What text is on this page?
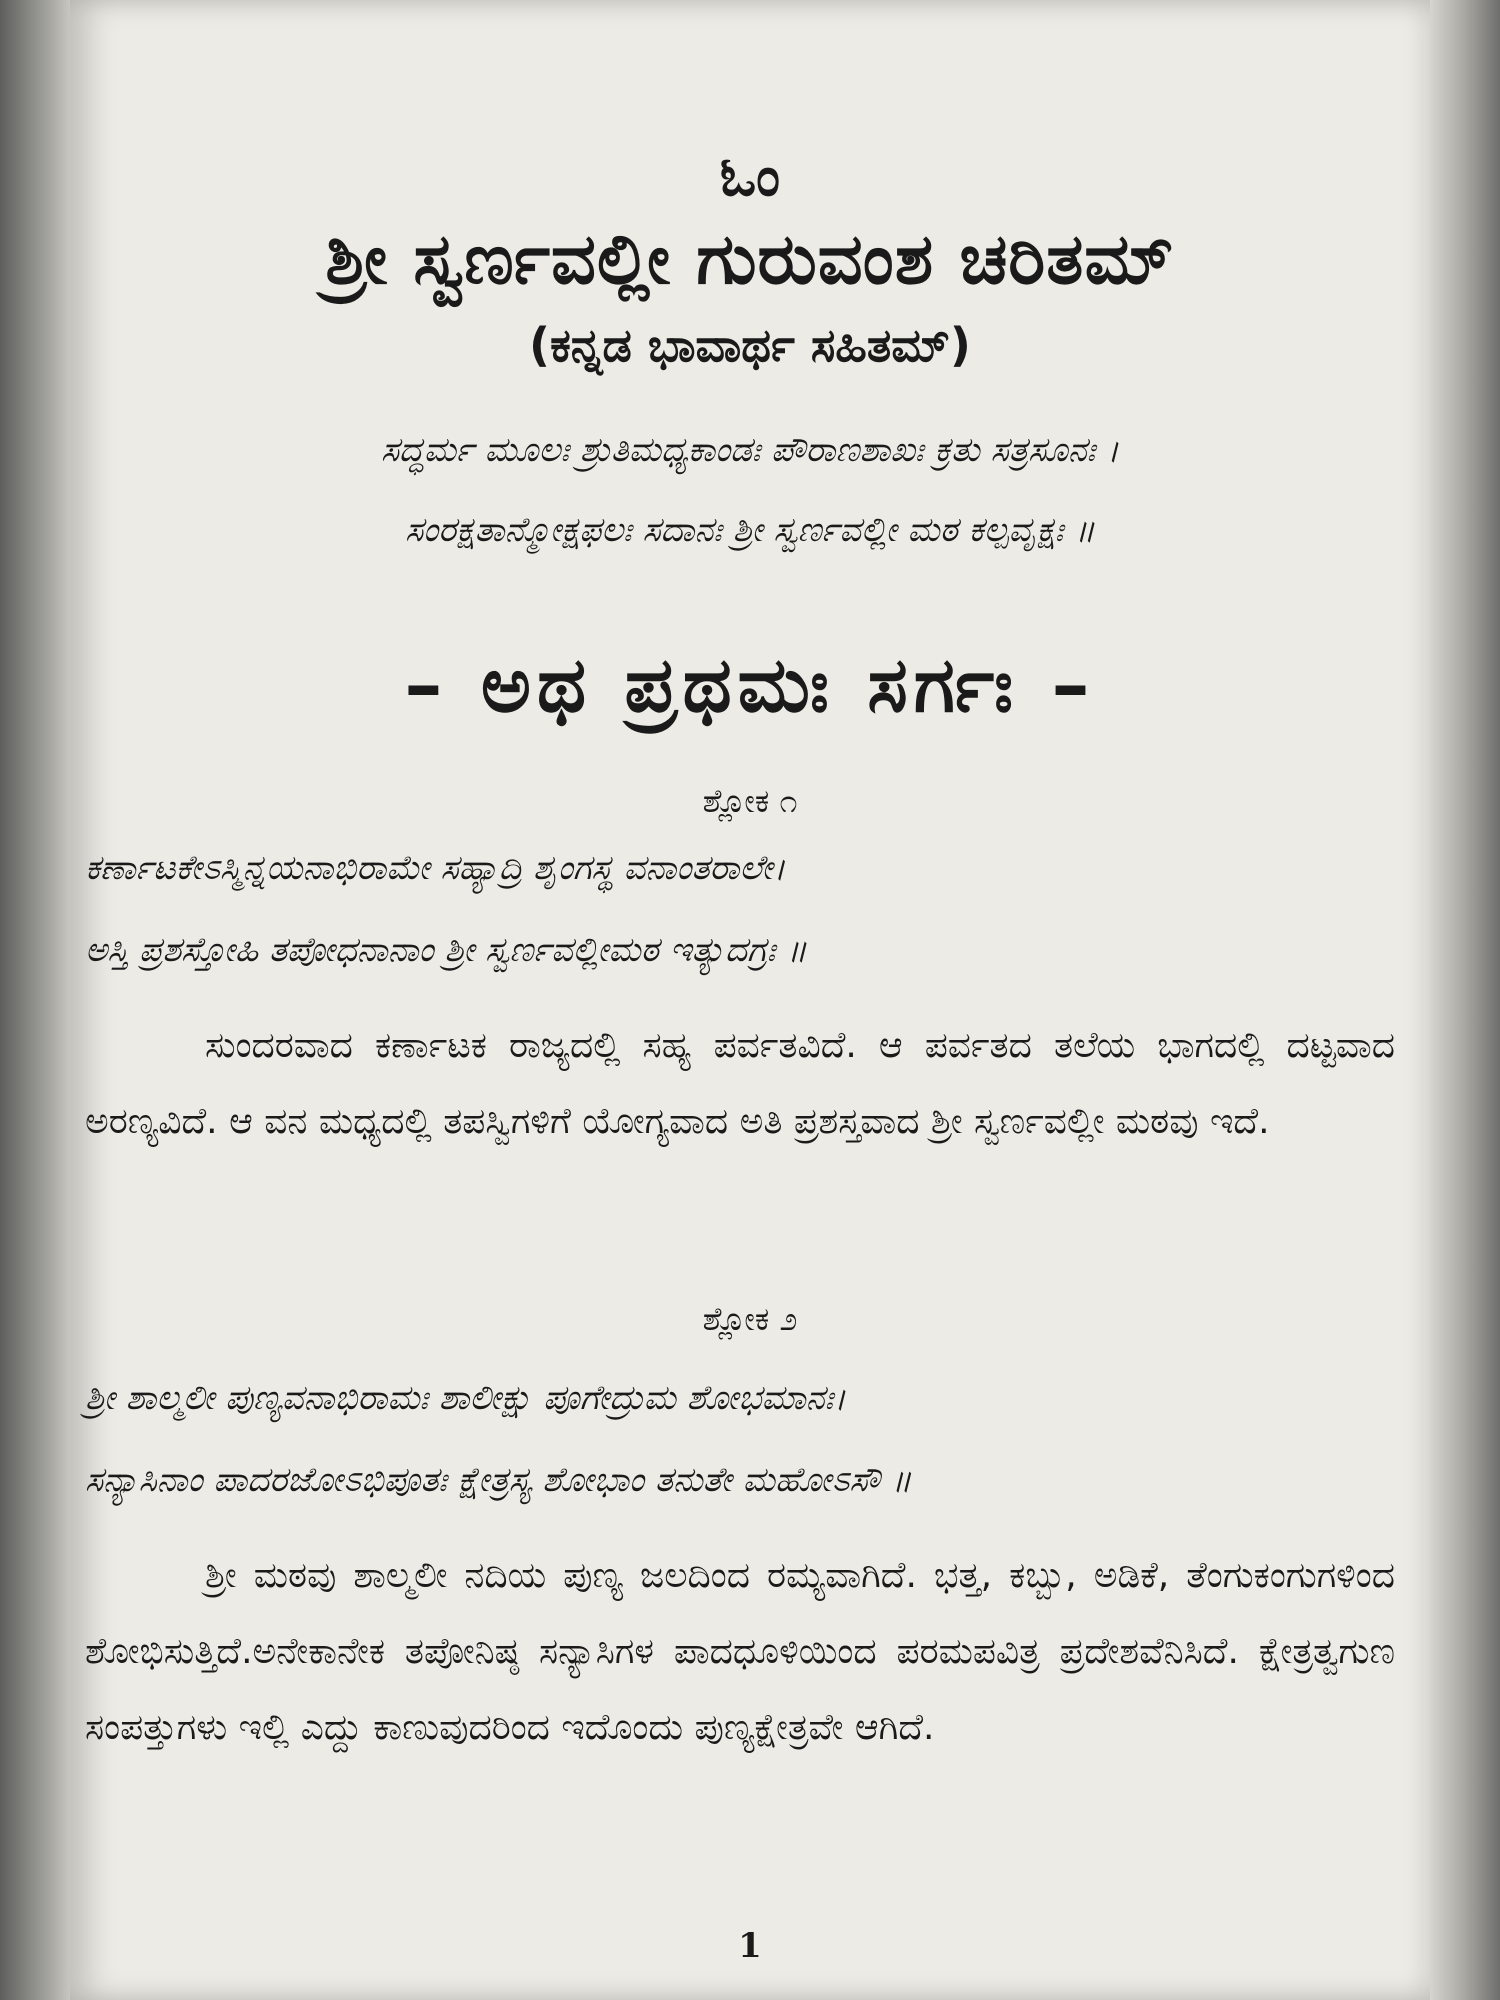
ಓಂ
ಶ್ರೀ ಸ್ವರ್ಣವಲ್ಲೀ ಗುರುವಂಶ ಚರಿತಮ್
(ಕನ್ನಡ ಭಾವಾರ್ಥ ಸಹಿತಮ್)
ಸದ್ಧರ್ಮ ಮೂಲಃ ಶ್ರುತಿಮಧ್ಯಕಾಂಡಃ ಪೌರಾಣಶಾಖಃ ಕ್ರತು ಸತ್ರಸೂನಃ ।
ಸಂರಕ್ಷತಾನ್ಮೋಕ್ಷಫಲಃ ಸದಾನಃ ಶ್ರೀ ಸ್ವರ್ಣವಲ್ಲೀ ಮಠ ಕಲ್ಪವೃಕ್ಷಃ ॥
– ಅಥ ಪ್ರಥಮಃ ಸರ್ಗಃ –
ಶ್ಲೋಕ ೧
ಕರ್ಣಾಟಕೇಽಸ್ಮಿನ್ನಯನಾಭಿರಾಮೇ ಸಹ್ಯಾದ್ರಿ ಶೃಂಗಸ್ಥ ವನಾಂತರಾಲೇ।
ಅಸ್ತಿ ಪ್ರಶಸ್ತೋಹಿ ತಪೋಧನಾನಾಂ ಶ್ರೀ ಸ್ವರ್ಣವಲ್ಲೀಮಠ ಇತ್ಯುದಗ್ರಃ ॥
ಸುಂದರವಾದ ಕರ್ಣಾಟಕ ರಾಜ್ಯದಲ್ಲಿ ಸಹ್ಯ ಪರ್ವತವಿದೆ. ಆ ಪರ್ವತದ ತಲೆಯ ಭಾಗದಲ್ಲಿ ದಟ್ಟವಾದ ಅರಣ್ಯವಿದೆ. ಆ ವನ ಮಧ್ಯದಲ್ಲಿ ತಪಸ್ವಿಗಳಿಗೆ ಯೋಗ್ಯವಾದ ಅತಿ ಪ್ರಶಸ್ತವಾದ ಶ್ರೀ ಸ್ವರ್ಣವಲ್ಲೀ ಮಠವು ಇದೆ.
ಶ್ಲೋಕ ೨
ಶ್ರೀ ಶಾಲ್ಮಲೀ ಪುಣ್ಯವನಾಭಿರಾಮಃ ಶಾಲೀಕ್ಷು ಪೂಗೇದ್ರುಮ ಶೋಭಮಾನಃ।
ಸನ್ಯಾಸಿನಾಂ ಪಾದರಜೋಽಭಿಪೂತಃ ಕ್ಷೇತ್ರಸ್ಯ ಶೋಭಾಂ ತನುತೇ ಮಹೋಽಸೌ ॥
ಶ್ರೀ ಮಠವು ಶಾಲ್ಮಲೀ ನದಿಯ ಪುಣ್ಯ ಜಲದಿಂದ ರಮ್ಯವಾಗಿದೆ. ಭತ್ತ, ಕಬ್ಬು, ಅಡಿಕೆ, ತೆಂಗುಕಂಗುಗಳಿಂದ ಶೋಭಿಸುತ್ತಿದೆ.ಅನೇಕಾನೇಕ ತಪೋನಿಷ್ಠ ಸನ್ಯಾಸಿಗಳ ಪಾದಧೂಳಿಯಿಂದ ಪರಮಪವಿತ್ರ ಪ್ರದೇಶವೆನಿಸಿದೆ. ಕ್ಷೇತ್ರತ್ವಗುಣ ಸಂಪತ್ತುಗಳು ಇಲ್ಲಿ ಎದ್ದು ಕಾಣುವುದರಿಂದ ಇದೊಂದು ಪುಣ್ಯಕ್ಷೇತ್ರವೇ ಆಗಿದೆ.
1
